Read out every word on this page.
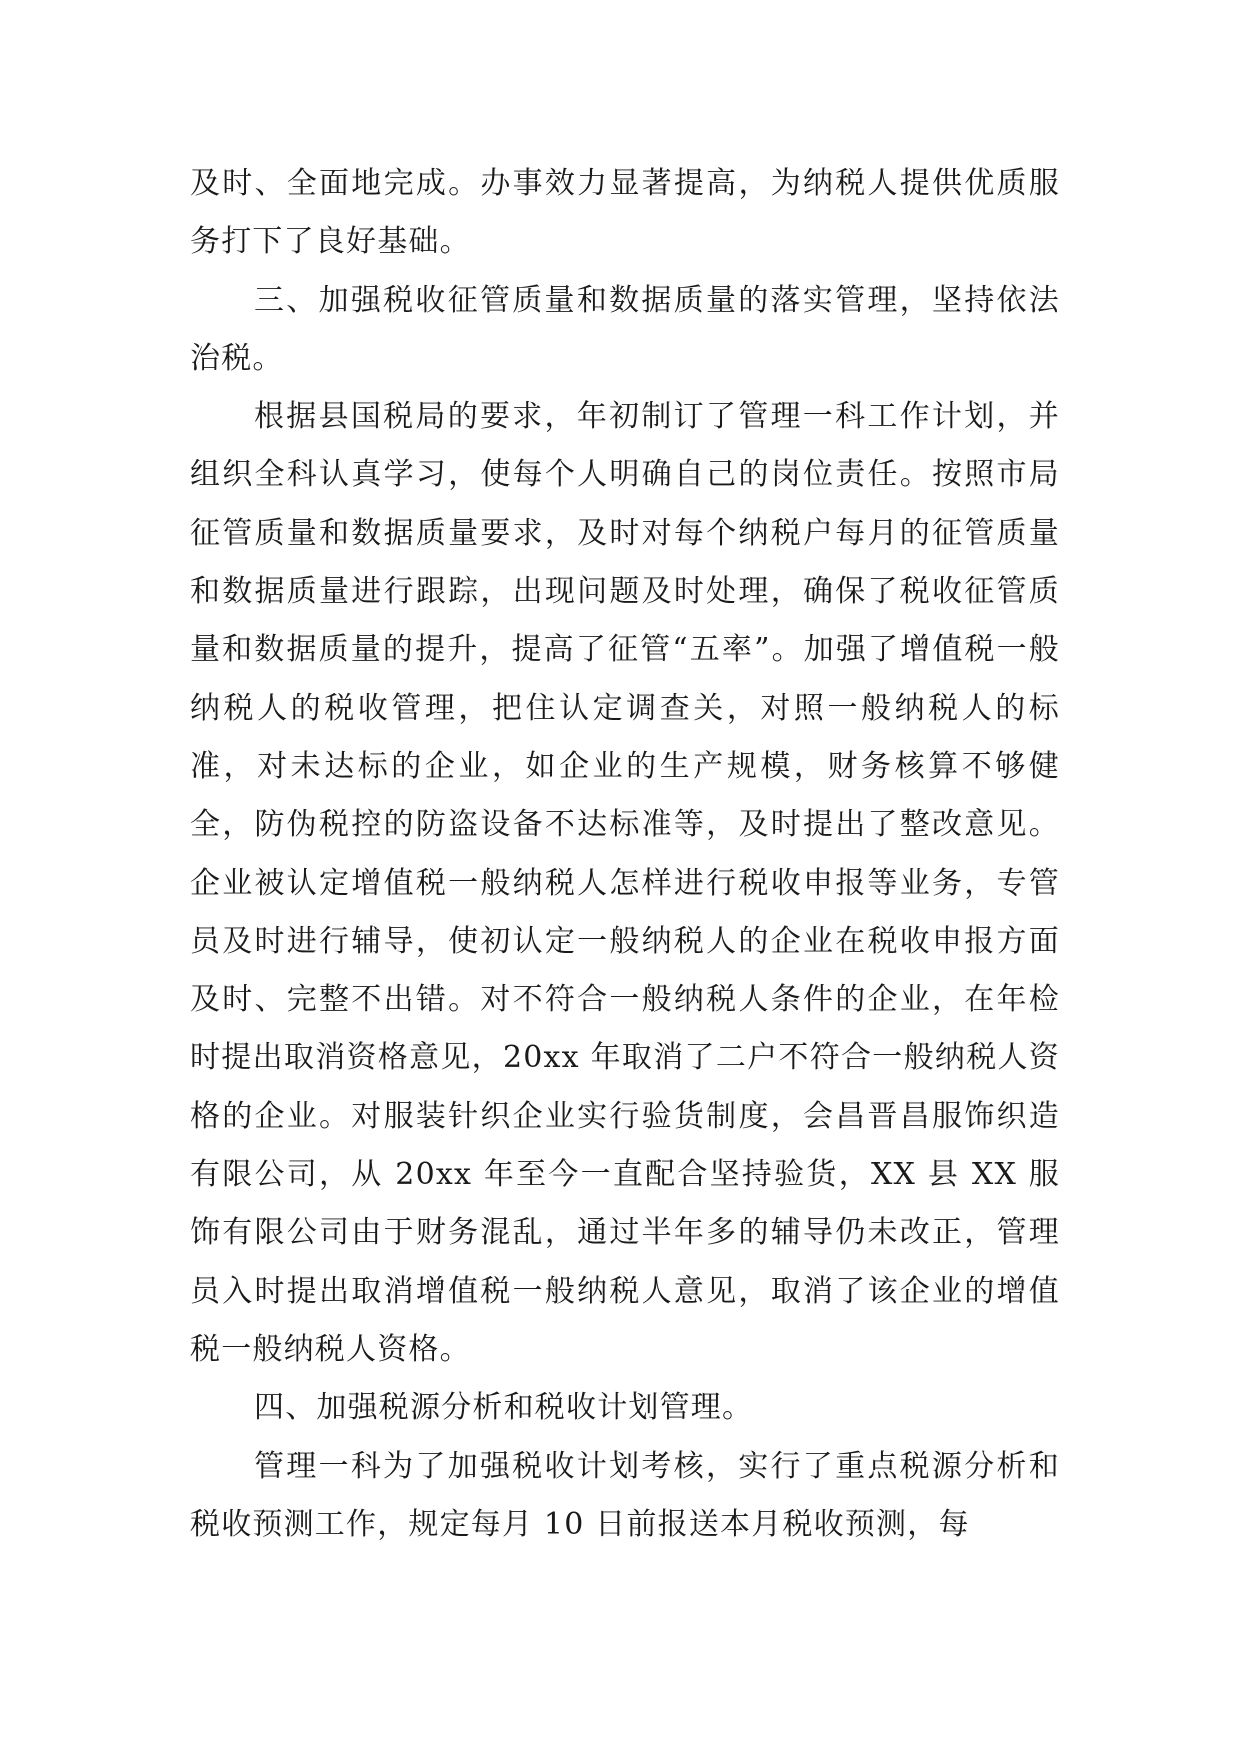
及时、全面地完成。办事效力显著提高，为纳税人提供优质服务打下了良好基础。

三、加强税收征管质量和数据质量的落实管理，坚持依法治税。

根据县国税局的要求，年初制订了管理一科工作计划，并组织全科认真学习，使每个人明确自己的岗位责任。按照市局征管质量和数据质量要求，及时对每个纳税户每月的征管质量和数据质量进行跟踪，出现问题及时处理，确保了税收征管质量和数据质量的提升，提高了征管“五率”。加强了增值税一般纳税人的税收管理，把住认定调查关，对照一般纳税人的标准，对未达标的企业，如企业的生产规模，财务核算不够健全，防伪税控的防盗设备不达标准等，及时提出了整改意见。企业被认定增值税一般纳税人怎样进行税收申报等业务，专管员及时进行辅导，使初认定一般纳税人的企业在税收申报方面及时、完整不出错。对不符合一般纳税人条件的企业，在年检时提出取消资格意见，20xx 年取消了二户不符合一般纳税人资格的企业。对服装针织企业实行验货制度，会昌晋昌服饰织造有限公司，从 20xx 年至今一直配合坚持验货，XX 县 XX 服饰有限公司由于财务混乱，通过半年多的辅导仍未改正，管理员入时提出取消增值税一般纳税人意见，取消了该企业的增值税一般纳税人资格。

四、加强税源分析和税收计划管理。

管理一科为了加强税收计划考核，实行了重点税源分析和税收预测工作，规定每月 10 日前报送本月税收预测，每
